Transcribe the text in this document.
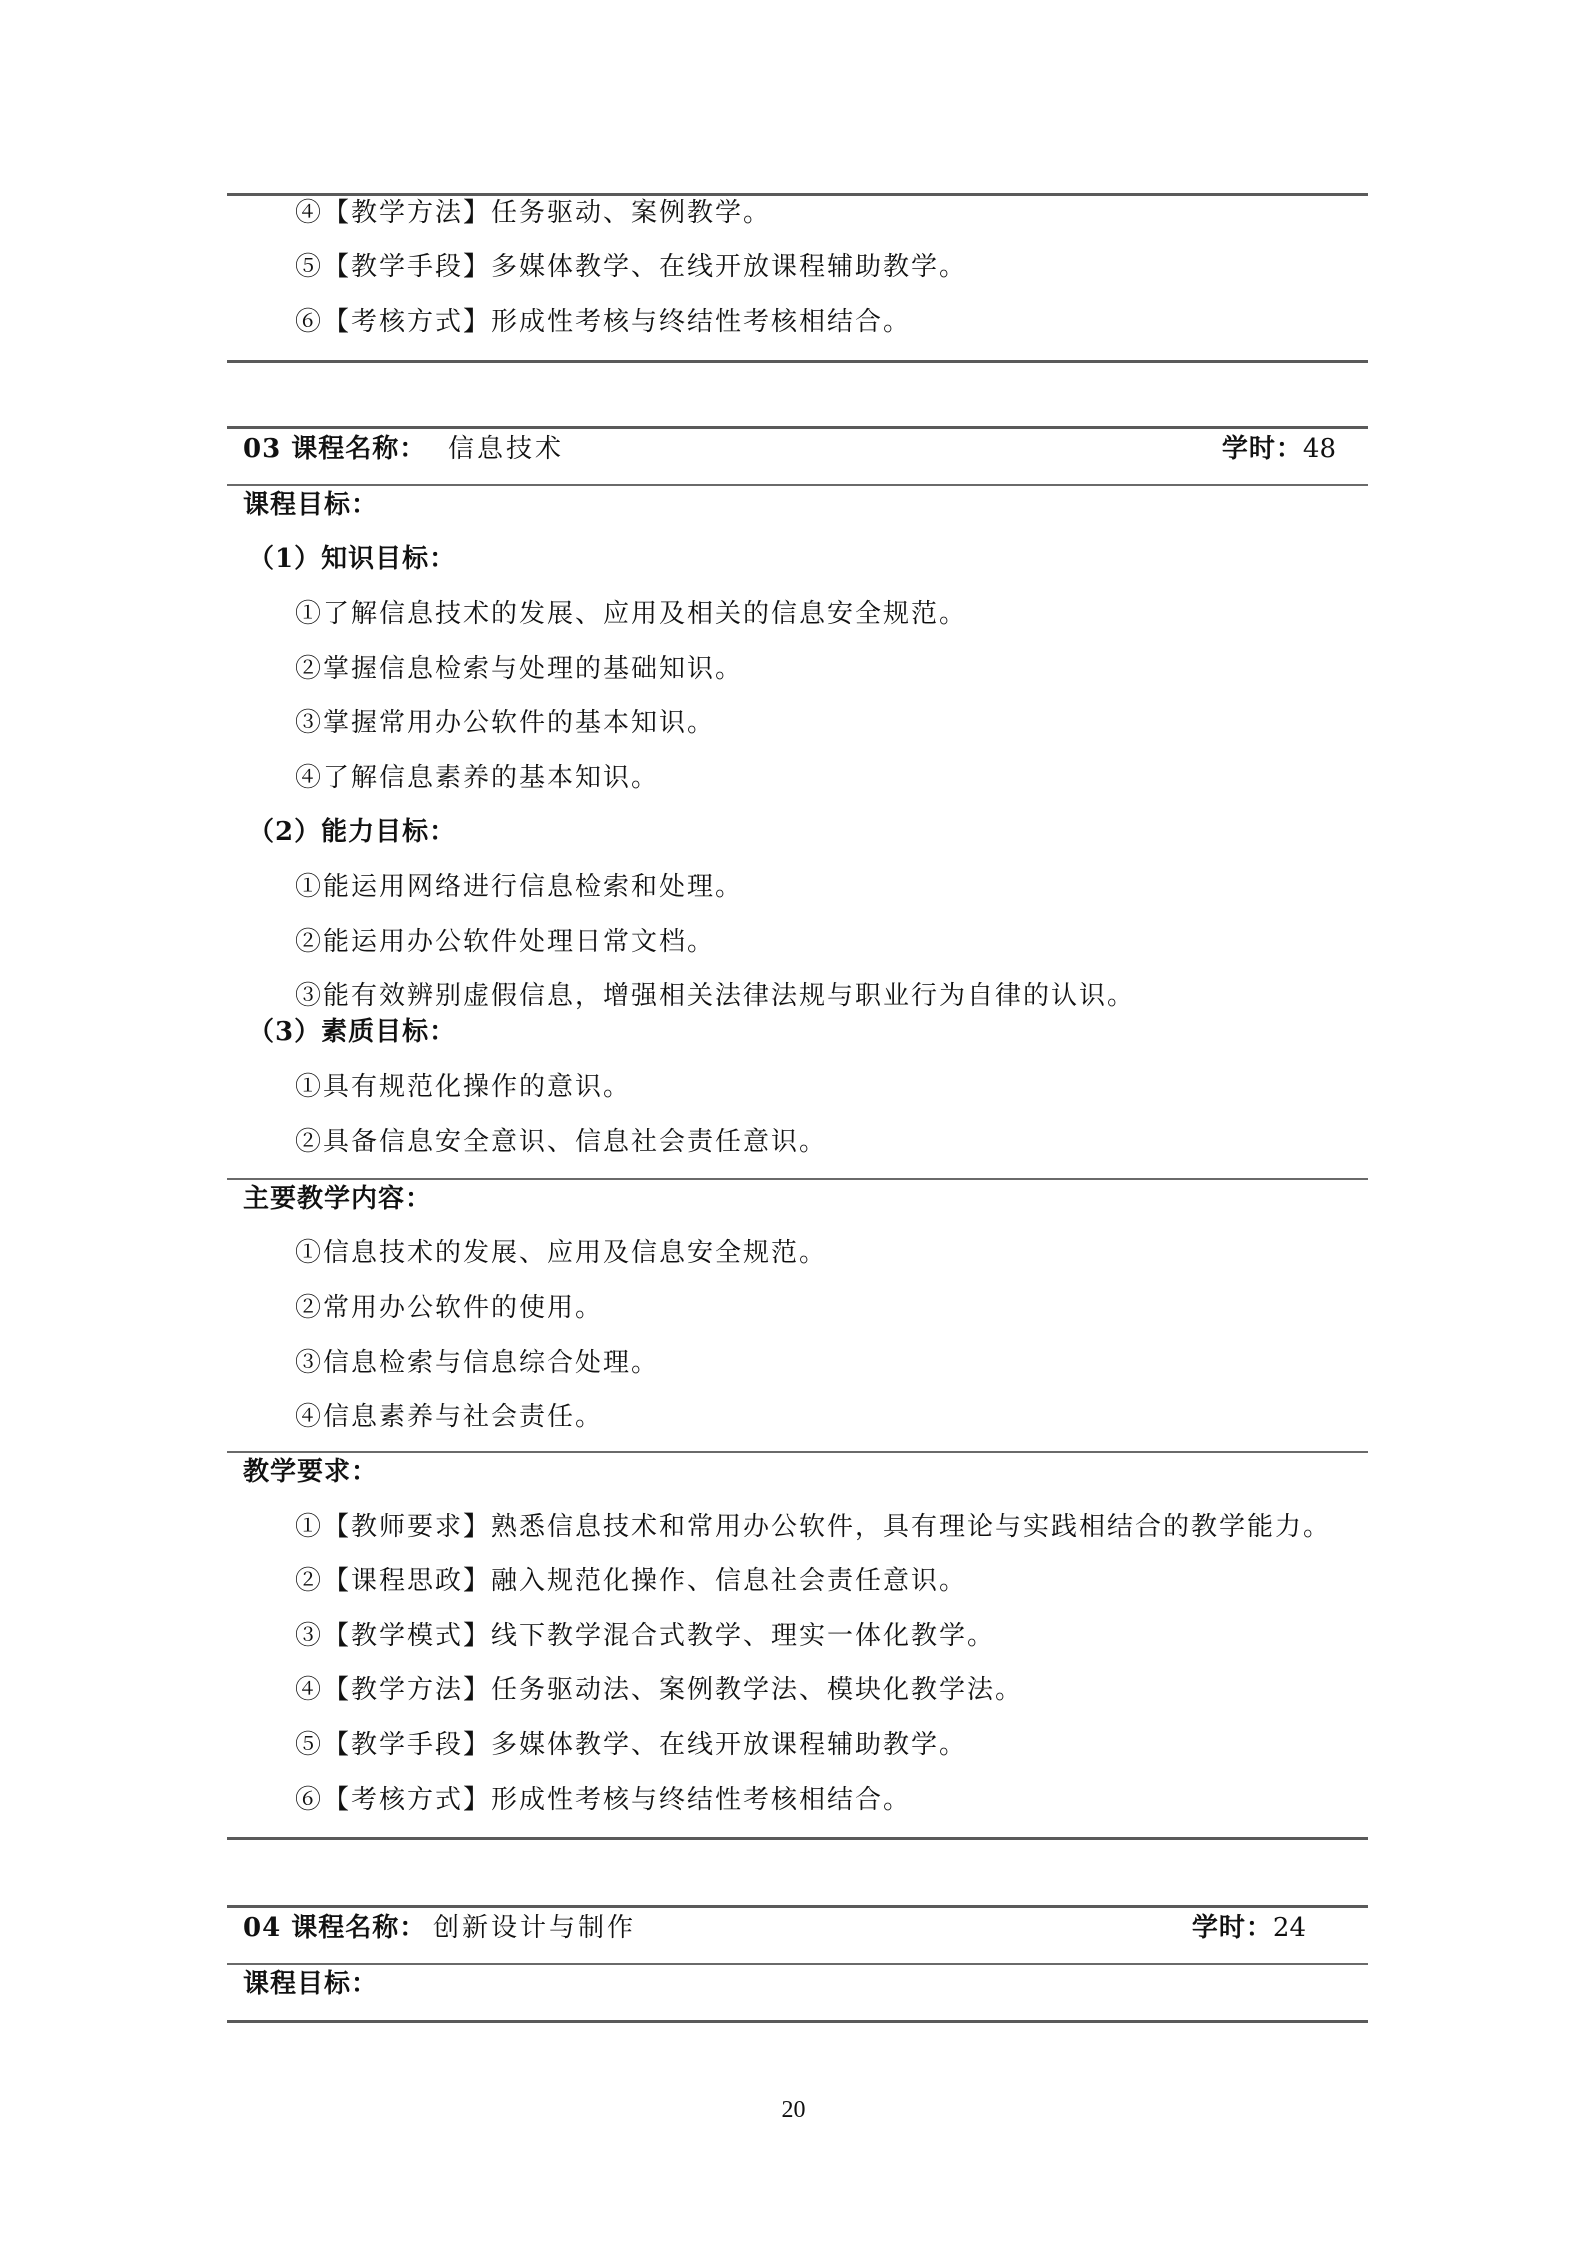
④【教学方法】任务驱动、案例教学。
⑤【教学手段】多媒体教学、在线开放课程辅助教学。
⑥【考核方式】形成性考核与终结性考核相结合。
03 课程名称： 信息技术	学时：48
课程目标：
（1）知识目标：
①了解信息技术的发展、应用及相关的信息安全规范。
②掌握信息检索与处理的基础知识。
③掌握常用办公软件的基本知识。
④了解信息素养的基本知识。
（2）能力目标：
①能运用网络进行信息检索和处理。
②能运用办公软件处理日常文档。
③能有效辨别虚假信息，增强相关法律法规与职业行为自律的认识。
（3）素质目标：
①具有规范化操作的意识。
②具备信息安全意识、信息社会责任意识。
主要教学内容：
①信息技术的发展、应用及信息安全规范。
②常用办公软件的使用。
③信息检索与信息综合处理。
④信息素养与社会责任。
教学要求：
①【教师要求】熟悉信息技术和常用办公软件，具有理论与实践相结合的教学能力。
②【课程思政】融入规范化操作、信息社会责任意识。
③【教学模式】线下教学混合式教学、理实一体化教学。
④【教学方法】任务驱动法、案例教学法、模块化教学法。
⑤【教学手段】多媒体教学、在线开放课程辅助教学。
⑥【考核方式】形成性考核与终结性考核相结合。
04 课程名称： 创新设计与制作	学时：24
课程目标：
20
